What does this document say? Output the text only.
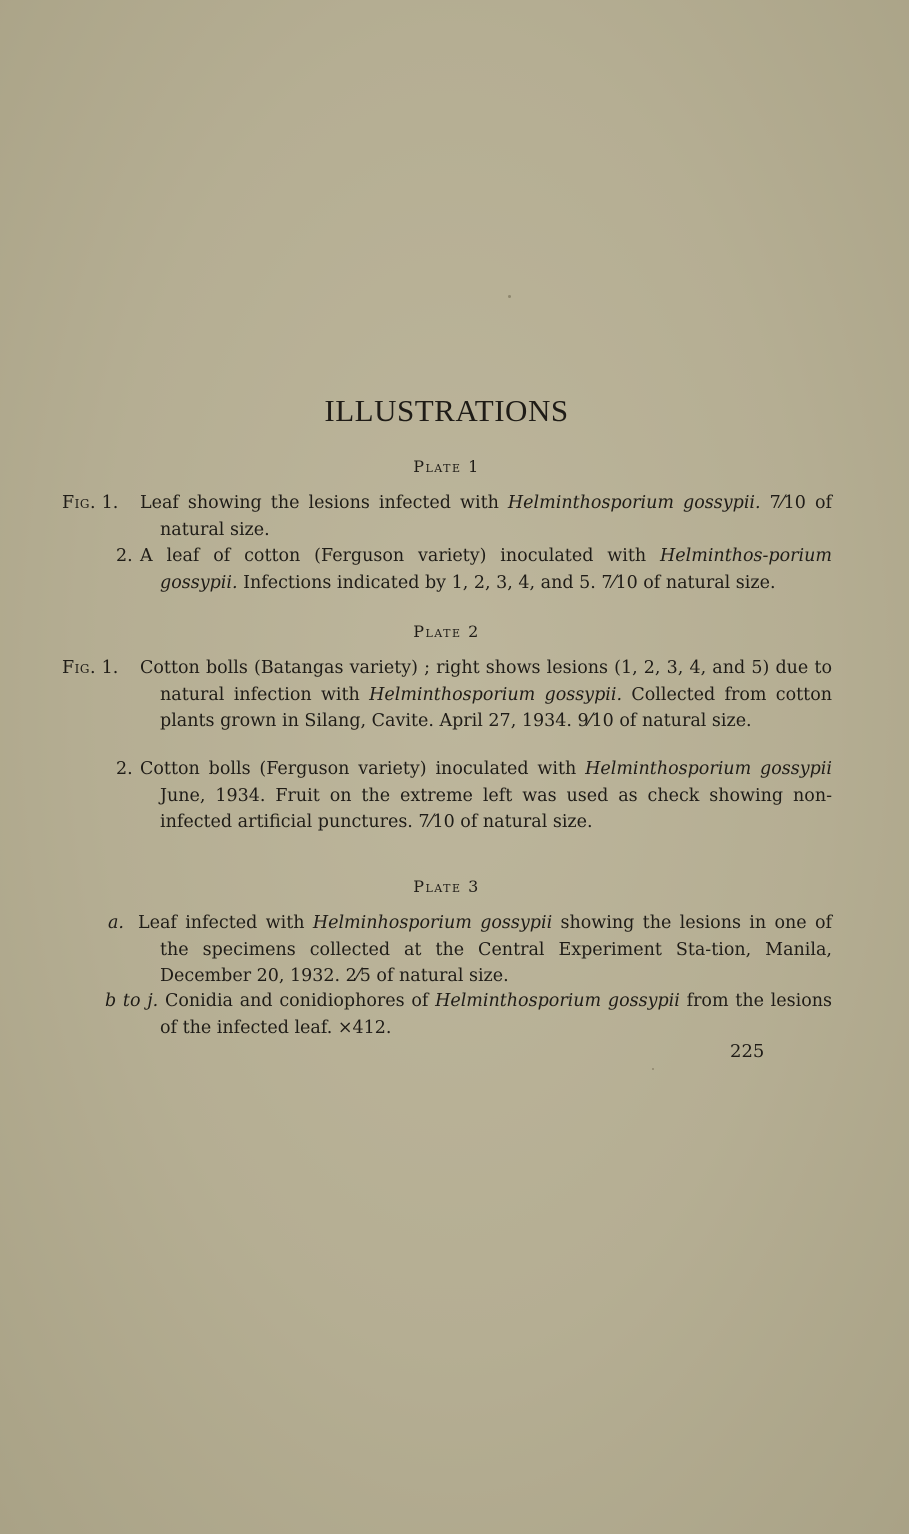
ILLUSTRATIONS
Plate 1
Fig. 1. Leaf showing the lesions infected with Helminthosporium gossypii. 7⁄10 of natural size.
2. A leaf of cotton (Ferguson variety) inoculated with Helminthos-porium gossypii. Infections indicated by 1, 2, 3, 4, and 5. 7⁄10 of natural size.
Plate 2
Fig. 1. Cotton bolls (Batangas variety) ; right shows lesions (1, 2, 3, 4, and 5) due to natural infection with Helminthosporium gossypii. Collected from cotton plants grown in Silang, Cavite. April 27, 1934. 9⁄10 of natural size.
2. Cotton bolls (Ferguson variety) inoculated with Helminthosporium gossypii June, 1934. Fruit on the extreme left was used as check showing non-infected artificial punctures. 7⁄10 of natural size.
Plate 3
a. Leaf infected with Helminhosporium gossypii showing the lesions in one of the specimens collected at the Central Experiment Sta-tion, Manila, December 20, 1932. 2⁄5 of natural size.
b to j. Conidia and conidiophores of Helminthosporium gossypii from the lesions of the infected leaf. ×412.
225
